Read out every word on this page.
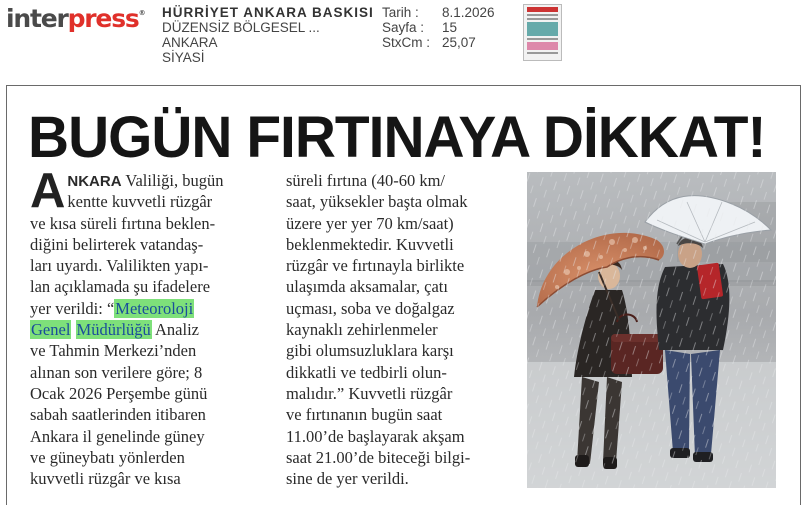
interpress® HÜRRİYET ANKARA BASKISI
DÜZENSİZ BÖLGESEL ...
ANKARA
SİYASİ
Tarih :	8.1.2026
Sayfa :	15
StxCm : 25,07
BUGÜN FIRTINAYA DİKKAT!
A NKARA Valiliği, bugün
kentte kuvvetli rüzgâr
ve kısa süreli fırtına beklen-
diğini belirterek vatandaş-
ları uyardı. Valilikten yapı-
lan açıklamada şu ifadelere
yer verildi: “Meteoroloji
Genel Müdürlüğü Analiz
ve Tahmin Merkezi’nden
alınan son verilere göre; 8
Ocak 2026 Perşembe günü
sabah saatlerinden itibaren
Ankara il genelinde güney
ve güneybatı yönlerden
kuvvetli rüzgâr ve kısa
süreli fırtına (40-60 km/
saat, yüksekler başta olmak
üzere yer yer 70 km/saat)
beklenmektedir. Kuvvetli
rüzgâr ve fırtınayla birlikte
ulaşımda aksamalar, çatı
uçması, soba ve doğalgaz
kaynaklı zehirlenmeler
gibi olumsuzluklara karşı
dikkatli ve tedbirli olun-
malıdır.” Kuvvetli rüzgâr
ve fırtınanın bugün saat
11.00’de başlayarak akşam
saat 21.00’de biteceği bilgi-
sine de yer verildi.
